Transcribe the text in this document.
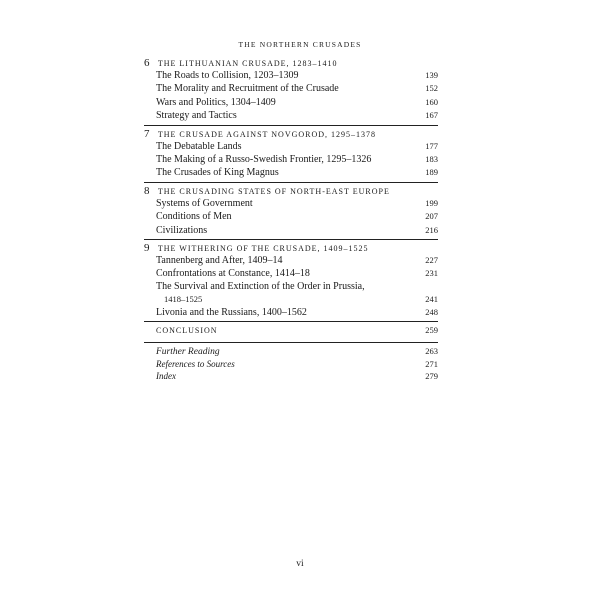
THE NORTHERN CRUSADES
6 THE LITHUANIAN CRUSADE, 1283–1410
The Roads to Collision, 1203–1309	139
The Morality and Recruitment of the Crusade	152
Wars and Politics, 1304–1409	160
Strategy and Tactics	167
7 THE CRUSADE AGAINST NOVGOROD, 1295–1378
The Debatable Lands	177
The Making of a Russo-Swedish Frontier, 1295–1326	183
The Crusades of King Magnus	189
8 THE CRUSADING STATES OF NORTH-EAST EUROPE
Systems of Government	199
Conditions of Men	207
Civilizations	216
9 THE WITHERING OF THE CRUSADE, 1409–1525
Tannenberg and After, 1409–14	227
Confrontations at Constance, 1414–18	231
The Survival and Extinction of the Order in Prussia,
1418–1525	241
Livonia and the Russians, 1400–1562	248
CONCLUSION	259
Further Reading	263
References to Sources	271
Index	279
vi
